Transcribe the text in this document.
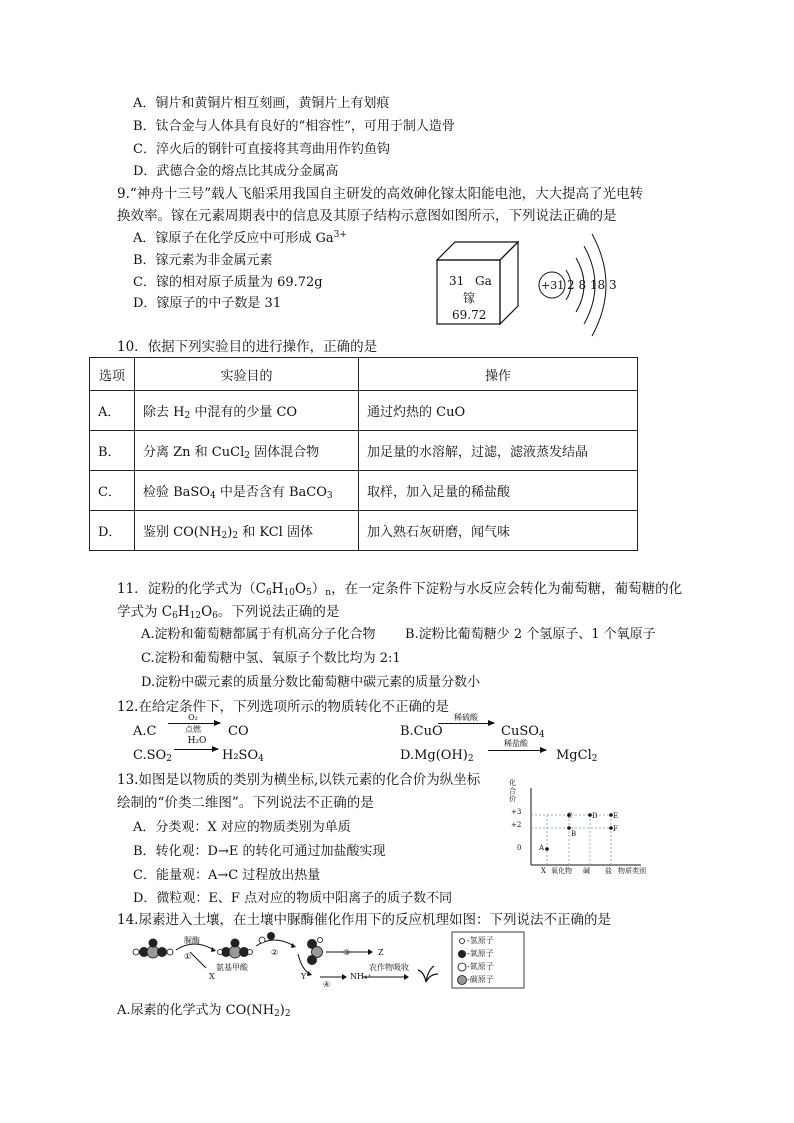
A．铜片和黄铜片相互刻画，黄铜片上有划痕
B．钛合金与人体具有良好的“相容性”，可用于制人造骨
C．淬火后的钢针可直接将其弯曲用作钓鱼钩
D．武德合金的熔点比其成分金属高
9.“神舟十三号”载人飞船采用我国自主研发的高效砷化镓太阳能电池，大大提高了光电转
换效率。镓在元素周期表中的信息及其原子结构示意图如图所示，下列说法正确的是
A．镓原子在化学反应中可形成 $Ga^{3+}$
B．镓元素为非金属元素
C．镓的相对原子质量为 69.72g
D．镓原子的中子数是 31
31 Ga
镓
69.72
+31 2 8 18 3
10．依据下列实验目的进行操作，正确的是
选项	实验目的	操作
A．	除去 $H_2$ 中混有的少量 CO	通过灼热的 CuO
B．	分离 Zn 和 CuCl$_2$ 固体混合物	加足量的水溶解，过滤，滤液蒸发结晶
C．	检验 BaSO$_4$ 中是否含有 BaCO$_3$	取样，加入足量的稀盐酸
D．	鉴别 $CO(NH_2)_2$ 和 KCl 固体	加入熟石灰研磨，闻气味
11．淀粉的化学式为$(C_6H_{10}O_5)_n$，在一定条件下淀粉与水反应会转化为葡萄糖，葡萄糖的化
学式为 $C_6H_{12}O_6$。下列说法正确的是
A.淀粉和葡萄糖都属于有机高分子化合物 B.淀粉比葡萄糖少 2 个氢原子、1 个氧原子
C.淀粉和葡萄糖中氢、氧原子个数比均为 2:1
D.淀粉中碳元素的质量分数比葡萄糖中碳元素的质量分数小
12.在给定条件下，下列选项所示的物质转化不正确的是
A.C
O₂
点燃	CO	B.CuO
稀硫酸
CuSO$_4$
$C.SO_2$
H₂O
$H_2SO_4$	$D.Mg(OH)_2$
稀盐酸
MgCl$_2$
13.如图是以物质的类别为横坐标,以铁元素的化合价为纵坐标
绘制的“价类二维图”。下列说法不正确的是
A．分类观：X 对应的物质类别为单质
B．转化观：D→E 的转化可通过加盐酸实现
C．能量观：A→C 过程放出热量
D．微粒观：E、F 点对应的物质中阳离子的质子数不同
化合价
+3
+2
0	A
B
C	D E
F
X 氧化物 碱 盐 物质类别
14.尿素进入土壤，在土壤中脲酶催化作用下的反应机理如图：下列说法不正确的是
脲酶
①
X
氨基甲酸
②	③	Z
Y
④
NH₄⁺
农作物吸收
-氢原子
-氧原子
-氮原子
-碳原子
A.尿素的化学式为 $CO(NH_2)_2$
